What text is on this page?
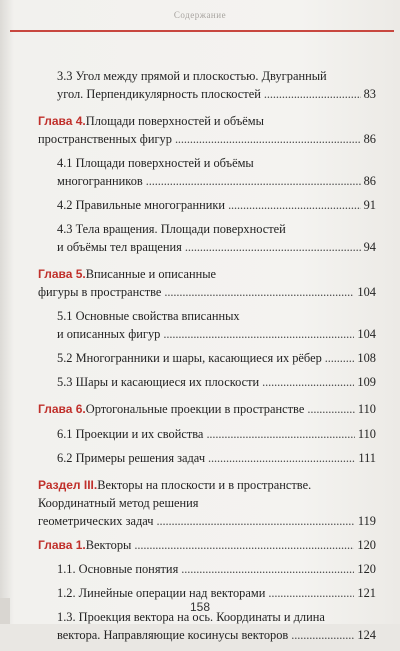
Содержание
3.3 Угол между прямой и плоскостью. Двугранный
угол. Перпендикулярность плоскостей . . .	83
Глава 4. Площади поверхностей и объёмы
пространственных фигур . . .	86
4.1 Площади поверхностей и объёмы
многогранников . . .	86
4.2 Правильные многогранники . . .	91
4.3 Тела вращения. Площади поверхностей
и объёмы тел вращения . . .	94
Глава 5. Вписанные и описанные
фигуры в пространстве . . .	104
5.1 Основные свойства вписанных
и описанных фигур . . .	104
5.2 Многогранники и шары, касающиеся их рёбер . . .	108
5.3 Шары и касающиеся их плоскости . . .	109
Глава 6. Ортогональные проекции в пространстве . . .	110
6.1 Проекции и их свойства . . .	110
6.2 Примеры решения задач . . .	111
Раздел III. Векторы на плоскости и в пространстве.
Координатный метод решения
геометрических задач . . .	119
Глава 1. Векторы . . .	120
1.1. Основные понятия . . .	120
1.2. Линейные операции над векторами . . .	121
1.3. Проекция вектора на ось. Координаты и длина
вектора. Направляющие косинусы векторов . . .	124
158
